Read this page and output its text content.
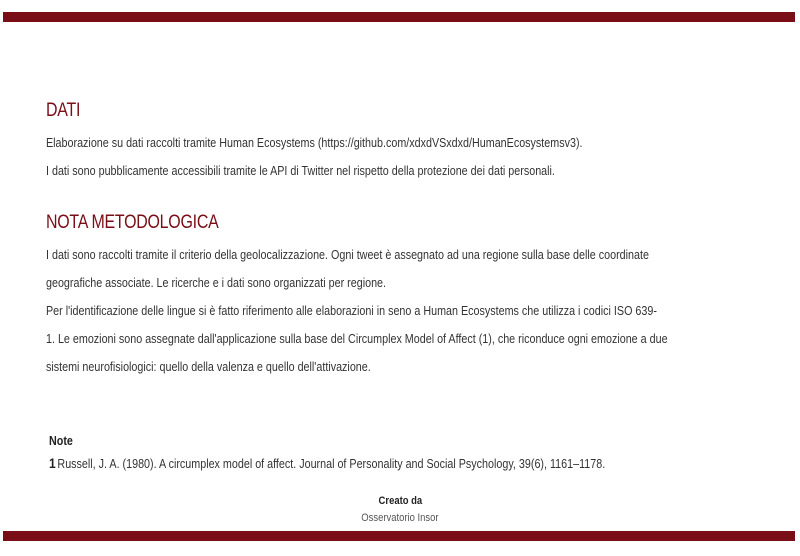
DATI

Elaborazione su dati raccolti tramite Human Ecosystems (https://github.com/xdxdVSxdxd/HumanEcosystemsv3).

I dati sono pubblicamente accessibili tramite le API di Twitter nel rispetto della protezione dei dati personali.

NOTA METODOLOGICA

I dati sono raccolti tramite il criterio della geolocalizzazione. Ogni tweet è assegnato ad una regione sulla base delle coordinate

geografiche associate. Le ricerche e i dati sono organizzati per regione.

Per l'identificazione delle lingue si è fatto riferimento alle elaborazioni in seno a Human Ecosystems che utilizza i codici ISO 639-

1. Le emozioni sono assegnate dall'applicazione sulla base del Circumplex Model of Affect (1), che riconduce ogni emozione a due

sistemi neurofisiologici: quello della valenza e quello dell'attivazione.

Note

1 Russell, J. A. (1980). A circumplex model of affect. Journal of Personality and Social Psychology, 39(6), 1161–1178.

Creato da

Osservatorio Insor
